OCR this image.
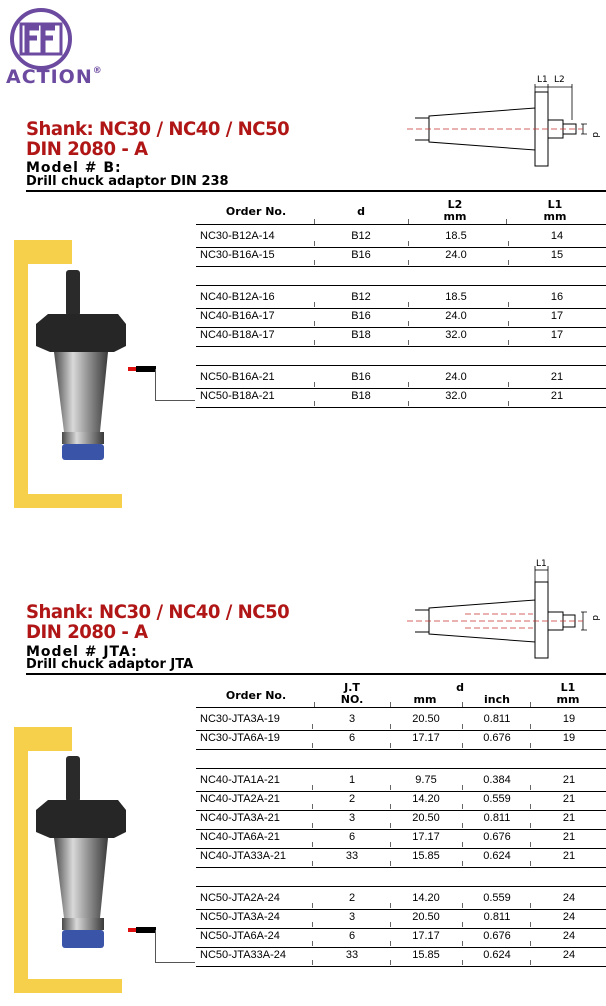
ACTION®
Shank: NC30 / NC40 / NC50
DIN 2080 - A
Model # B:
Drill chuck adaptor DIN 238
L1 L2
d
Order No.	d
L2
mm
L1
mm
NC30-B12A-14	B12	18.5	14
NC30-B16A-15	B16	24.0	15
NC40-B12A-16	B12	18.5	16
NC40-B16A-17	B16	24.0	17
NC40-B18A-17	B18	32.0	17
NC50-B16A-21	B16	24.0	21
NC50-B18A-21	B18	32.0	21
Shank: NC30 / NC40 / NC50
DIN 2080 - A
Model # JTA:
Drill chuck adaptor JTA
L1
d
Order No.
J.T
NO.
d
mm	inch
L1
mm
NC30-JTA3A-19	3	20.50	0.811	19
NC30-JTA6A-19	6	17.17	0.676	19
NC40-JTA1A-21	1	9.75	0.384	21
NC40-JTA2A-21	2	14.20	0.559	21
NC40-JTA3A-21	3	20.50	0.811	21
NC40-JTA6A-21	6	17.17	0.676	21
NC40-JTA33A-21	33	15.85	0.624	21
NC50-JTA2A-24	2	14.20	0.559	24
NC50-JTA3A-24	3	20.50	0.811	24
NC50-JTA6A-24	6	17.17	0.676	24
NC50-JTA33A-24	33	15.85	0.624	24
